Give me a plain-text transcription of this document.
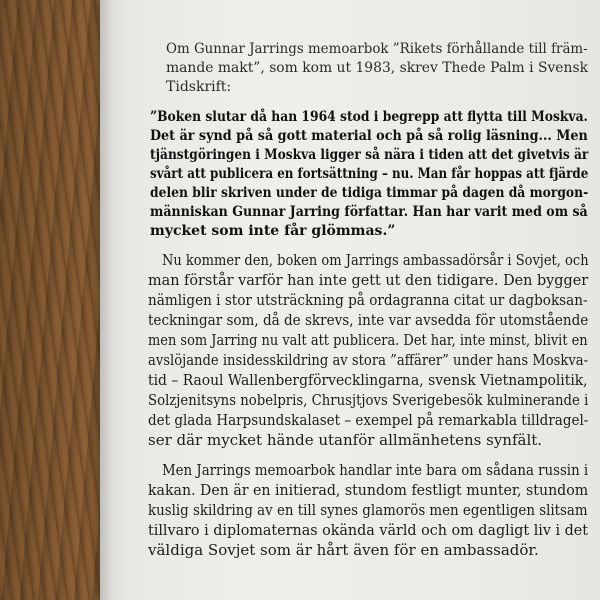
Om Gunnar Jarrings memoarbok ”Rikets förhållande till främ-
mande makt”, som kom ut 1983, skrev Thede Palm i Svensk
Tidskrift:
”Boken slutar då han 1964 stod i begrepp att flytta till Moskva.
Det är synd på så gott material och på så rolig läsning... Men
tjänstgöringen i Moskva ligger så nära i tiden att det givetvis är
svårt att publicera en fortsättning – nu. Man får hoppas att fjärde
delen blir skriven under de tidiga timmar på dagen då morgon-
människan Gunnar Jarring författar. Han har varit med om så
mycket som inte får glömmas.”
Nu kommer den, boken om Jarrings ambassadörsår i Sovjet, och
man förstår varför han inte gett ut den tidigare. Den bygger
nämligen i stor utsträckning på ordagranna citat ur dagboksan-
teckningar som, då de skrevs, inte var avsedda för utomstående
men som Jarring nu valt att publicera. Det har, inte minst, blivit en
avslöjande insidesskildring av stora ”affärer” under hans Moskva-
tid – Raoul Wallenbergförvecklingarna, svensk Vietnampolitik,
Solzjenitsyns nobelpris, Chrusjtjovs Sverigebesök kulminerande i
det glada Harpsundskalaset – exempel på remarkabla tilldragel-
ser där mycket hände utanför allmänhetens synfält.
Men Jarrings memoarbok handlar inte bara om sådana russin i
kakan. Den är en initierad, stundom festligt munter, stundom
kuslig skildring av en till synes glamorös men egentligen slitsam
tillvaro i diplomaternas okända värld och om dagligt liv i det
väldiga Sovjet som är hårt även för en ambassadör.
